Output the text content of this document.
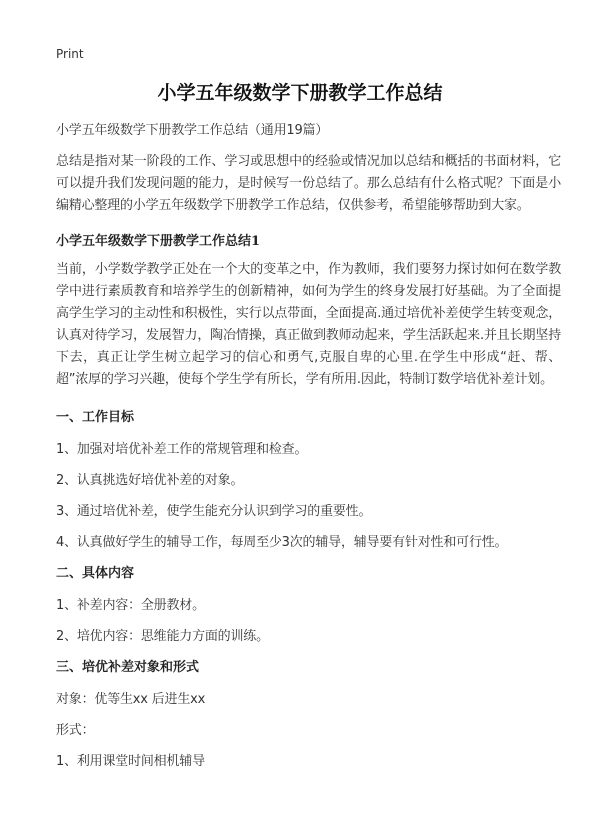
Print
小学五年级数学下册教学工作总结

小学五年级数学下册教学工作总结（通用19篇）

总结是指对某一阶段的工作、学习或思想中的经验或情况加以总结和概括的书面材料，它可以提升我们发现问题的能力，是时候写一份总结了。那么总结有什么格式呢？下面是小编精心整理的小学五年级数学下册教学工作总结，仅供参考，希望能够帮助到大家。

小学五年级数学下册教学工作总结1

当前，小学数学教学正处在一个大的变革之中，作为教师，我们要努力探讨如何在数学教学中进行素质教育和培养学生的创新精神，如何为学生的终身发展打好基础。为了全面提高学生学习的主动性和积极性，实行以点带面，全面提高.通过培优补差使学生转变观念，认真对待学习，发展智力，陶冶情操，真正做到教师动起来，学生活跃起来.并且长期坚持下去，真正让学生树立起学习的信心和勇气,克服自卑的心里.在学生中形成“赶、帮、超”浓厚的学习兴趣，使每个学生学有所长，学有所用.因此，特制订数学培优补差计划。

一、工作目标

1、加强对培优补差工作的常规管理和检查。

2、认真挑选好培优补差的对象。

3、通过培优补差，使学生能充分认识到学习的重要性。

4、认真做好学生的辅导工作，每周至少3次的辅导，辅导要有针对性和可行性。

二、具体内容

1、补差内容：全册教材。

2、培优内容：思维能力方面的训练。

三、培优补差对象和形式

对象：优等生xx 后进生xx

形式：

1、利用课堂时间相机辅导
